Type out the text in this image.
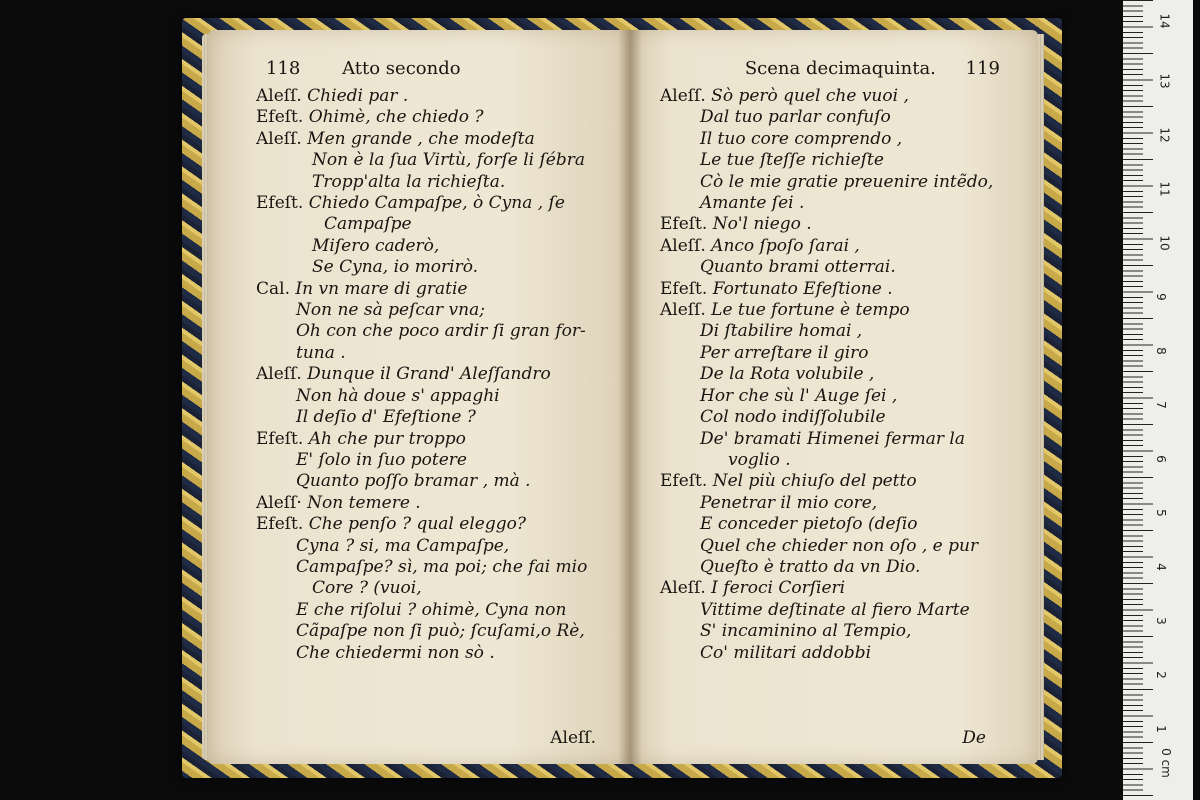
118 Atto secondo
Aleſſ. Chiedi par .
Efeſt. Ohimè, che chiedo ?
Aleſſ. Men grande , che modeſta
Non è la ſua Virtù, forſe li ſébra
Tropp'alta la richieſta.
Efeſt. Chiedo Campaſpe, ò Cyna , ſe
Campaſpe
Miſero caderò,
Se Cyna, io morirò.
Cal. In vn mare di gratie
Non ne sà peſcar vna;
Oh con che poco ardir ſi gran for-
tuna .
Aleſſ. Dunque il Grand' Aleſſandro
Non hà doue s' appaghi
Il deſio d' Efeſtione ?
Efeſt. Ah che pur troppo
E' ſolo in ſuo potere
Quanto poſſo bramar , mà .
Aleſſ· Non temere .
Efeſt. Che penſo ? qual eleggo?
Cyna ? si, ma Campaſpe,
Campaſpe? sì, ma poi; che fai mio
Core ? (vuoi,
E che riſolui ? ohimè, Cyna non
Cãpaſpe non ſi può; ſcuſami,o Rè,
Che chiedermi non sò .
Aleſſ.
Scena decimaquinta. 119
Aleſſ. Sò però quel che vuoi ,
Dal tuo parlar confuſo
Il tuo core comprendo ,
Le tue ſteſſe richieſte
Cò le mie gratie preuenire intẽdo,
Amante ſei .
Efeſt. No'l niego .
Aleſſ. Anco ſpoſo ſarai ,
Quanto brami otterrai.
Efeſt. Fortunato Efeſtione .
Aleſſ. Le tue fortune è tempo
Di ſtabilire homai ,
Per arreſtare il giro
De la Rota volubile ,
Hor che sù l' Auge ſei ,
Col nodo indiſſolubile
De' bramati Himenei fermar la
voglio .
Efeſt. Nel più chiuſo del petto
Penetrar il mio core,
E conceder pietoſo (deſio
Quel che chieder non oſo , e pur
Queſto è tratto da vn Dio.
Aleſſ. I feroci Corſieri
Vittime deſtinate al fiero Marte
S' incaminino al Tempio,
Co' militari addobbi
De	1
2
3
4
5
6
7
8
9
10
11
12
13
14
0 cm
